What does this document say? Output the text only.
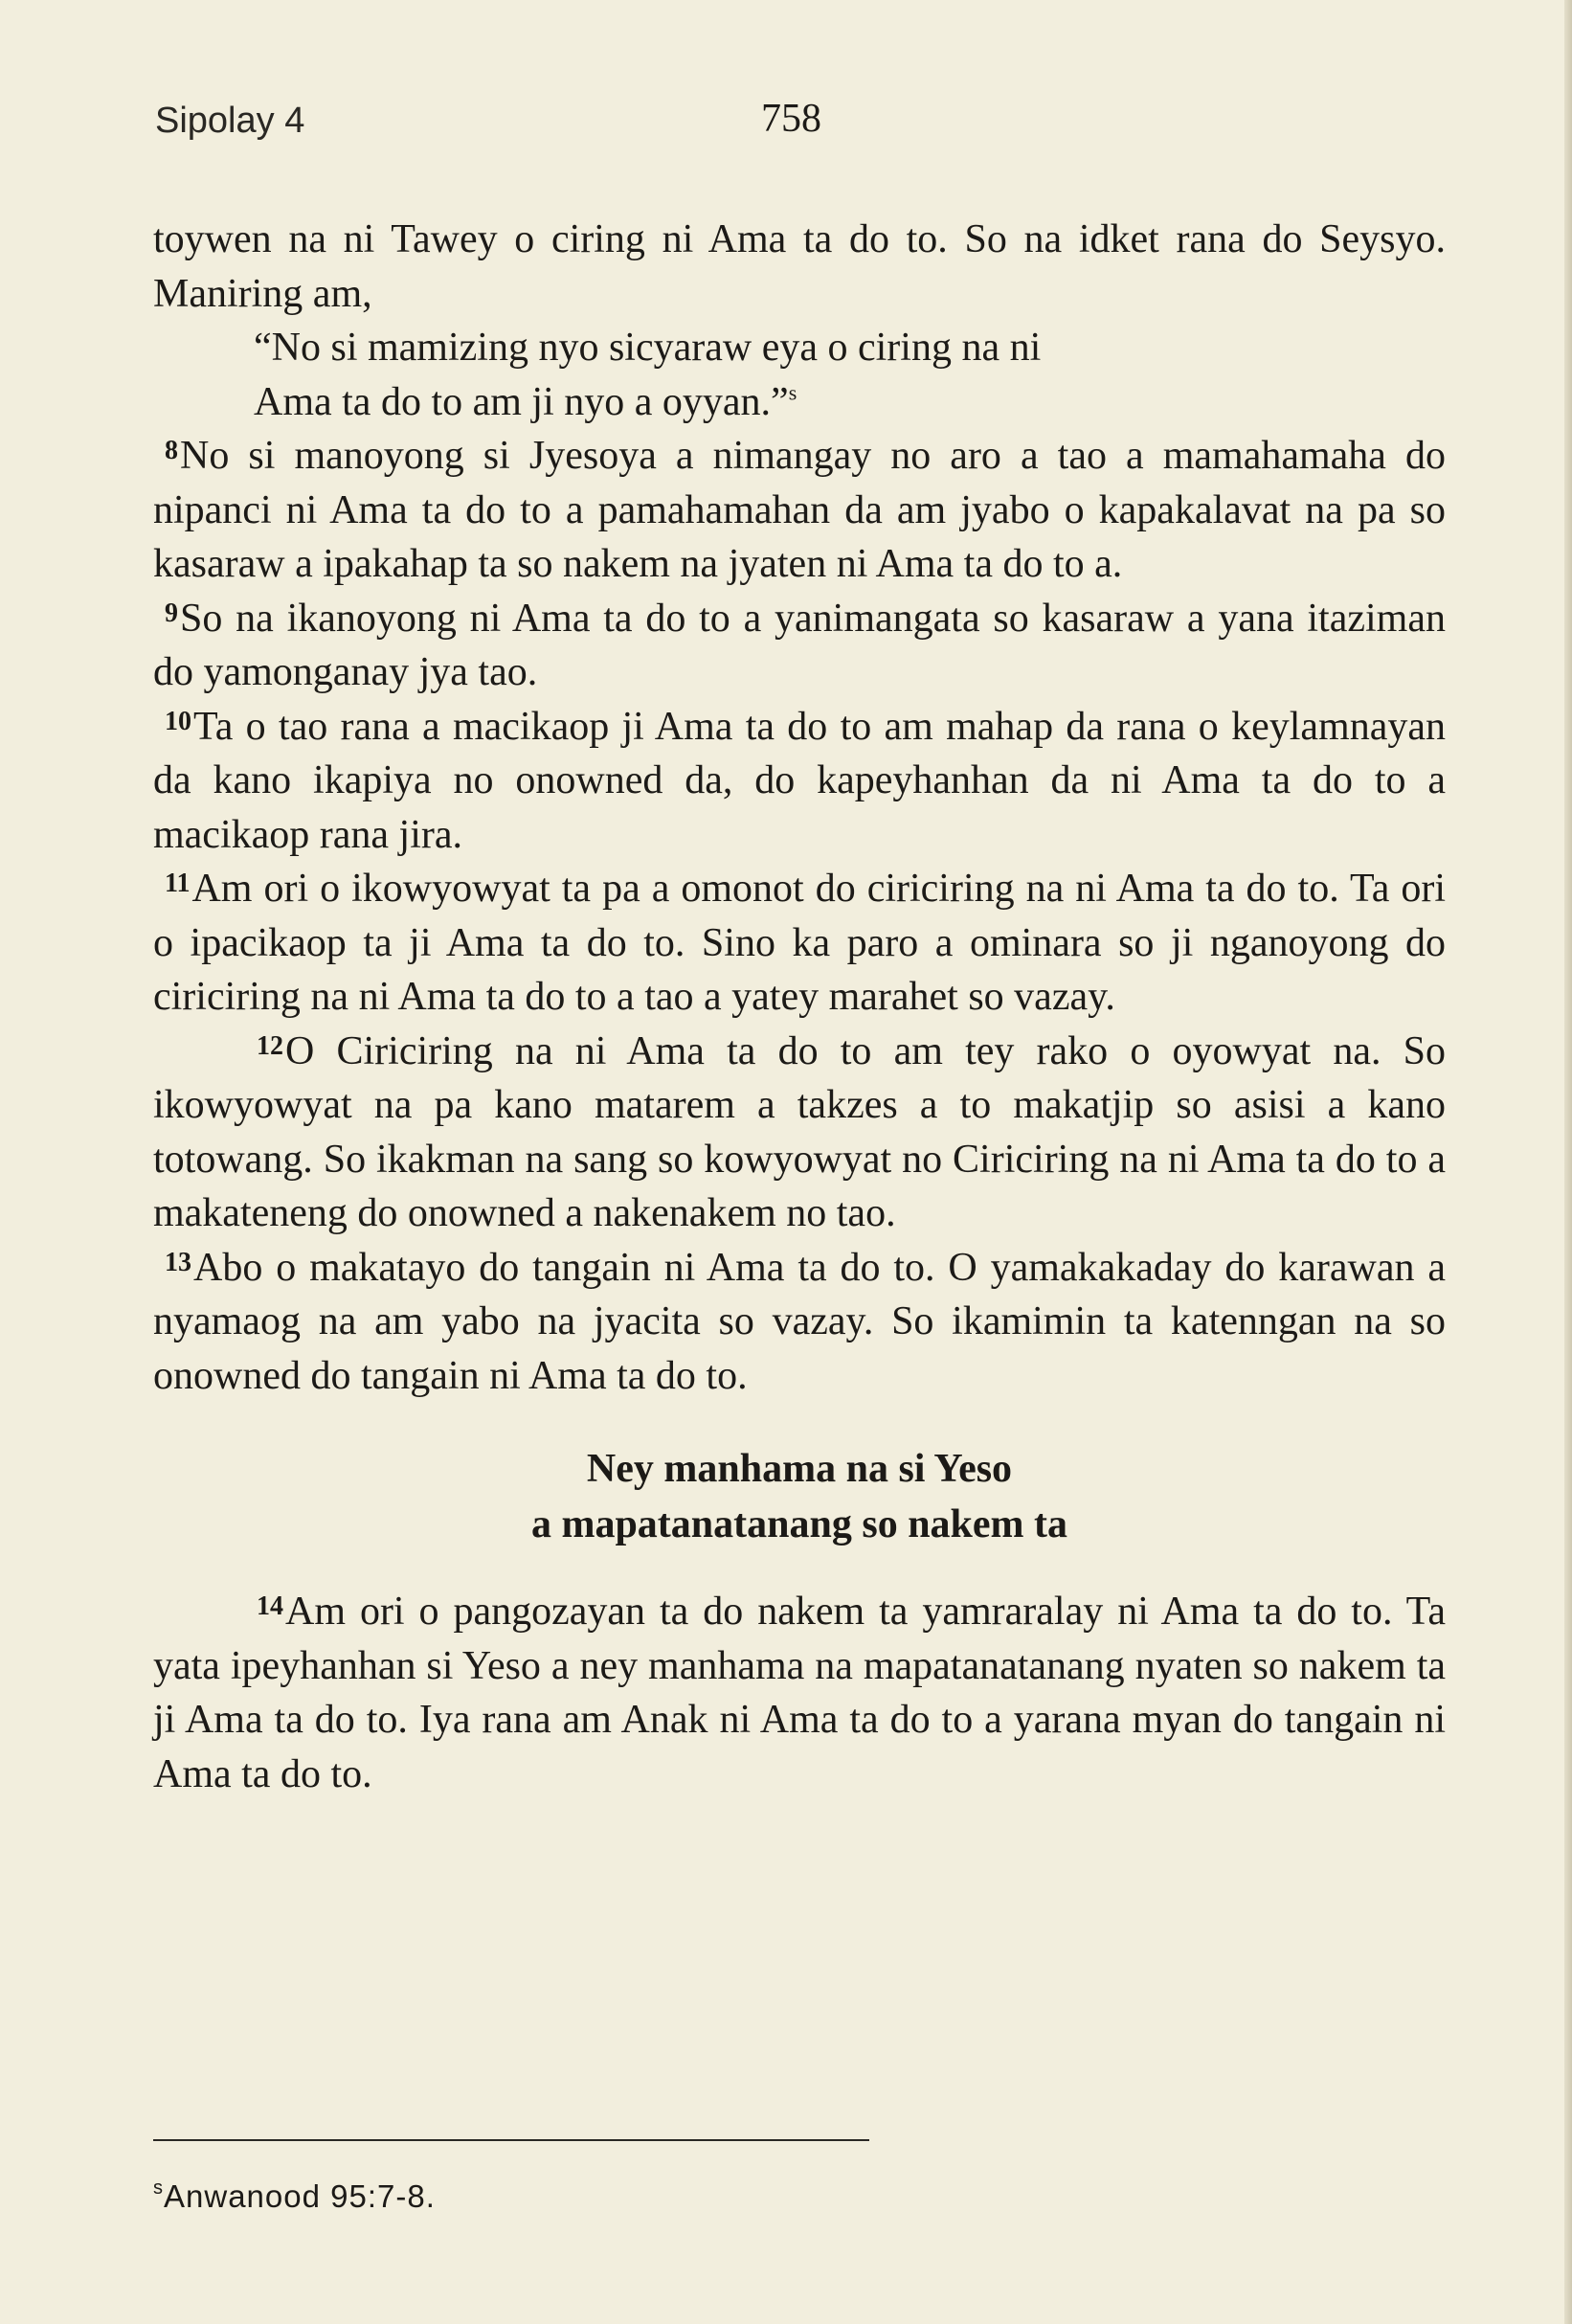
Sipolay 4	758

toywen na ni Tawey o ciring ni Ama ta do to. So na idket rana do Seysyo. Maniring am,

“No si mamizing nyo sicyaraw eya o ciring na ni

Ama ta do to am ji nyo a oyyan.”$^s$

$^8$No si manoyong si Jyesoya a nimangay no aro a tao a mamahamaha do nipanci ni Ama ta do to a pamahamahan da am jyabo o kapakalavat na pa so kasaraw a ipakahap ta so nakem na jyaten ni Ama ta do to a.

$^9$So na ikanoyong ni Ama ta do to a yanimangata so kasaraw a yana itaziman do yamonganay jya tao.

$^{10}$Ta o tao rana a macikaop ji Ama ta do to am mahap da rana o keylamnayan da kano ikapiya no onowned da, do kapeyhanhan da ni Ama ta do to a macikaop rana jira.

$^{11}$Am ori o ikowyowyat ta pa a omonot do ciriciring na ni Ama ta do to. Ta ori o ipacikaop ta ji Ama ta do to. Sino ka paro a ominara so ji nganoyong do ciriciring na ni Ama ta do to a tao a yatey marahet so vazay.

$^{12}$O Ciriciring na ni Ama ta do to am tey rako o oyowyat na. So ikowyowyat na pa kano matarem a takzes a to makatjip so asisi a kano totowang. So ikakman na sang so kowyowyat no Ciriciring na ni Ama ta do to a makateneng do onowned a nakenakem no tao.

$^{13}$Abo o makatayo do tangain ni Ama ta do to. O yamakakaday do karawan a nyamaog na am yabo na jyacita so vazay. So ikamimin ta katenngan na so onowned do tangain ni Ama ta do to.

Ney manhama na si Yeso
a mapatanatanang so nakem ta

$^{14}$Am ori o pangozayan ta do nakem ta yamraralay ni Ama ta do to. Ta yata ipeyhanhan si Yeso a ney manhama na mapatanatanang nyaten so nakem ta ji Ama ta do to. Iya rana am Anak ni Ama ta do to a yarana myan do tangain ni Ama ta do to.

$^s$Anwanood 95:7-8.
